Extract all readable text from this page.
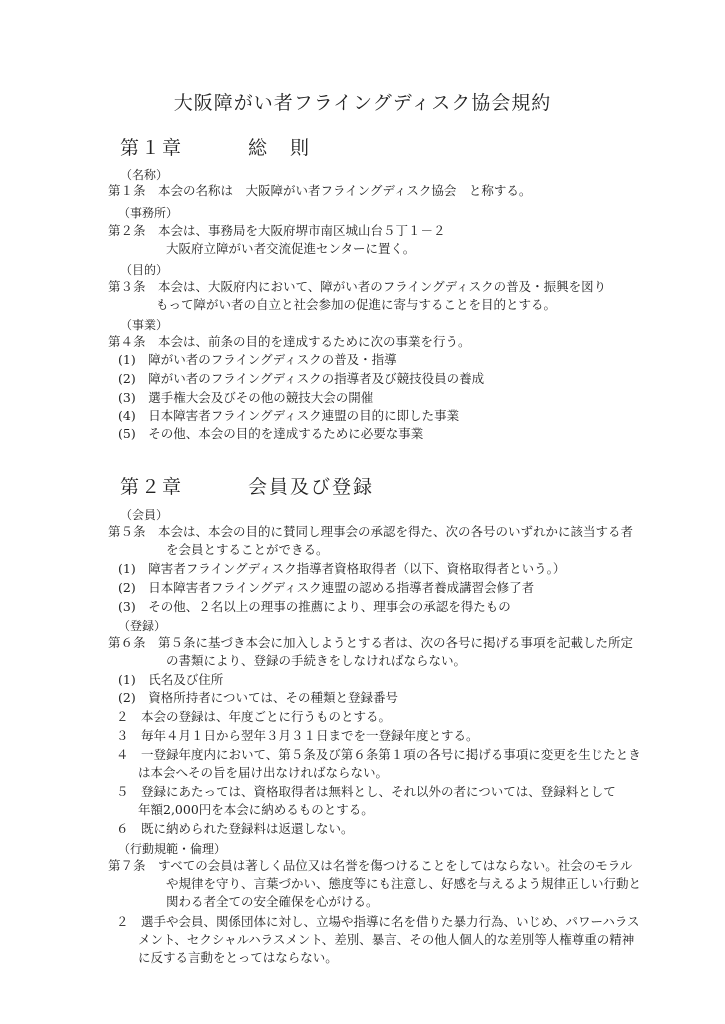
大阪障がい者フライングディスク協会規約
第１章	総　則
（名称）
第１条　本会の名称は　大阪障がい者フライングディスク協会　と称する。
（事務所）
第２条　本会は、事務局を大阪府堺市南区城山台５丁１－２
大阪府立障がい者交流促進センターに置く。
（目的）
第３条　本会は、大阪府内において、障がい者のフライングディスクの普及・振興を図り
もって障がい者の自立と社会参加の促進に寄与することを目的とする。
（事業）
第４条　本会は、前条の目的を達成するために次の事業を行う。
(1)　障がい者のフライングディスクの普及・指導
(2)　障がい者のフライングディスクの指導者及び競技役員の養成
(3)　選手権大会及びその他の競技大会の開催
(4)　日本障害者フライングディスク連盟の目的に即した事業
(5)　その他、本会の目的を達成するために必要な事業
第２章	会員及び登録
（会員）
第５条　本会は、本会の目的に賛同し理事会の承認を得た、次の各号のいずれかに該当する者
を会員とすることができる。
(1)　障害者フライングディスク指導者資格取得者（以下、資格取得者という。）
(2)　日本障害者フライングディスク連盟の認める指導者養成講習会修了者
(3)　その他、２名以上の理事の推薦により、理事会の承認を得たもの
（登録）
第６条　第５条に基づき本会に加入しようとする者は、次の各号に掲げる事項を記載した所定
の書類により、登録の手続きをしなければならない。
(1)　氏名及び住所
(2)　資格所持者については、その種類と登録番号
２　本会の登録は、年度ごとに行うものとする。
３　毎年４月１日から翌年３月３１日までを一登録年度とする。
４　一登録年度内において、第５条及び第６条第１項の各号に掲げる事項に変更を生じたとき
は本会へその旨を届け出なければならない。
５　登録にあたっては、資格取得者は無料とし、それ以外の者については、登録料として
年額2,000円を本会に納めるものとする。
６　既に納められた登録料は返還しない。
（行動規範・倫理）
第７条　すべての会員は著しく品位又は名誉を傷つけることをしてはならない。社会のモラル
や規律を守り、言葉づかい、態度等にも注意し、好感を与えるよう規律正しい行動と
関わる者全ての安全確保を心がける。
２　選手や会員、関係団体に対し、立場や指導に名を借りた暴力行為、いじめ、パワーハラス
メント、セクシャルハラスメント、差別、暴言、その他人個人的な差別等人権尊重の精神
に反する言動をとってはならない。
